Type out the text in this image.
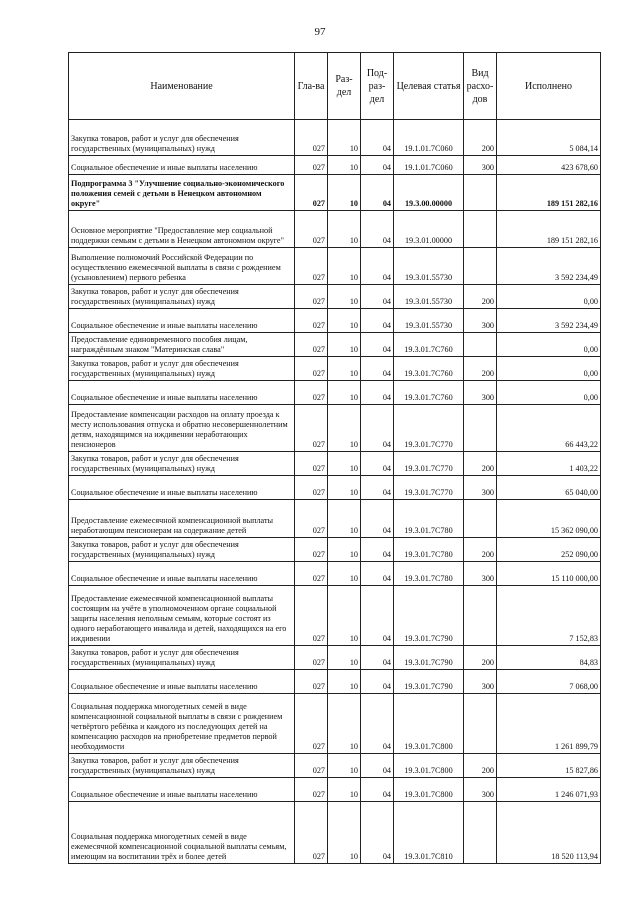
97
Наименование	Гла-ва	Раз-дел	Под-раз-дел	Целевая статья	Вид расхо-дов	Исполнено
Закупка товаров, работ и услуг для обеспечения государственных (муниципальных) нужд	027	10	04	19.1.01.7С060	200	5 084,14
Социальное обеспечение и иные выплаты населению	027	10	04	19.1.01.7С060	300	423 678,60
Подпрограмма 3 "Улучшение социально-экономического положения семей с детьми в Ненецком автономном округе"	027	10	04	19.3.00.00000		189 151 282,16
Основное мероприятие "Предоставление мер социальной поддержки семьям с детьми в Ненецком автономном округе"	027	10	04	19.3.01.00000		189 151 282,16
Выполнение полномочий Российской Федерации по осуществлению ежемесячной выплаты в связи с рождением (усыновлением) первого ребенка	027	10	04	19.3.01.55730		3 592 234,49
Закупка товаров, работ и услуг для обеспечения государственных (муниципальных) нужд	027	10	04	19.3.01.55730	200	0,00
Социальное обеспечение и иные выплаты населению	027	10	04	19.3.01.55730	300	3 592 234,49
Предоставление единовременного пособия лицам, награждённым знаком "Материнская слава"	027	10	04	19.3.01.7С760		0,00
Закупка товаров, работ и услуг для обеспечения государственных (муниципальных) нужд	027	10	04	19.3.01.7С760	200	0,00
Социальное обеспечение и иные выплаты населению	027	10	04	19.3.01.7С760	300	0,00
Предоставление компенсации расходов на оплату проезда к месту использования отпуска и обратно несовершеннолетним детям, находящимся на иждивении неработающих пенсионеров	027	10	04	19.3.01.7С770		66 443,22
Закупка товаров, работ и услуг для обеспечения государственных (муниципальных) нужд	027	10	04	19.3.01.7С770	200	1 403,22
Социальное обеспечение и иные выплаты населению	027	10	04	19.3.01.7С770	300	65 040,00
Предоставление ежемесячной компенсационной выплаты неработающим пенсионерам на содержание детей	027	10	04	19.3.01.7С780		15 362 090,00
Закупка товаров, работ и услуг для обеспечения государственных (муниципальных) нужд	027	10	04	19.3.01.7С780	200	252 090,00
Социальное обеспечение и иные выплаты населению	027	10	04	19.3.01.7С780	300	15 110 000,00
Предоставление ежемесячной компенсационной выплаты состоящим на учёте в уполномоченном органе социальной защиты населения неполным семьям, которые состоят из одного неработающего инвалида и детей, находящихся на его иждивении	027	10	04	19.3.01.7С790		7 152,83
Закупка товаров, работ и услуг для обеспечения государственных (муниципальных) нужд	027	10	04	19.3.01.7С790	200	84,83
Социальное обеспечение и иные выплаты населению	027	10	04	19.3.01.7С790	300	7 068,00
Социальная поддержка многодетных семей в виде компенсационной социальной выплаты в связи с рождением четвёртого ребёнка и каждого из последующих детей на компенсацию расходов на приобретение предметов первой необходимости	027	10	04	19.3.01.7С800		1 261 899,79
Закупка товаров, работ и услуг для обеспечения государственных (муниципальных) нужд	027	10	04	19.3.01.7С800	200	15 827,86
Социальное обеспечение и иные выплаты населению	027	10	04	19.3.01.7С800	300	1 246 071,93
Социальная поддержка многодетных семей в виде ежемесячной компенсационной социальной выплаты семьям, имеющим на воспитании трёх и более детей	027	10	04	19.3.01.7С810		18 520 113,94
